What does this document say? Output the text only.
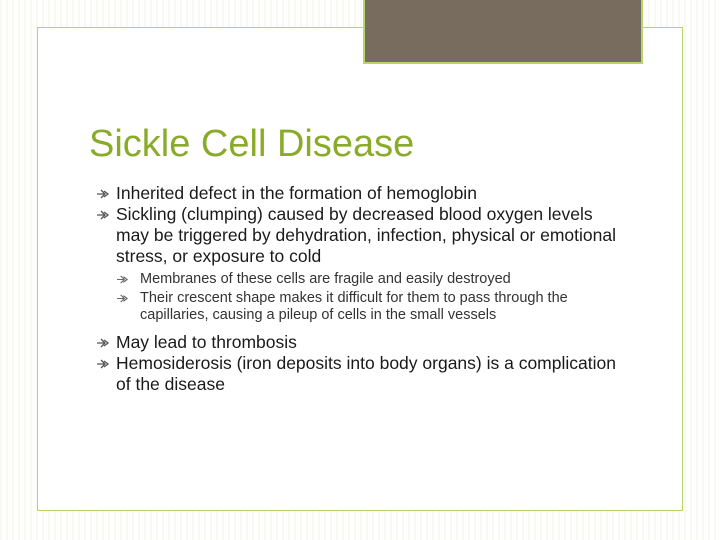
Sickle Cell Disease
Inherited defect in the formation of hemoglobin
Sickling (clumping) caused by decreased blood oxygen levels may be triggered by dehydration, infection, physical or emotional stress, or exposure to cold
Membranes of these cells are fragile and easily destroyed
Their crescent shape makes it difficult for them to pass through the capillaries, causing a pileup of cells in the small vessels
May lead to thrombosis
Hemosiderosis (iron deposits into body organs) is a complication of the disease
